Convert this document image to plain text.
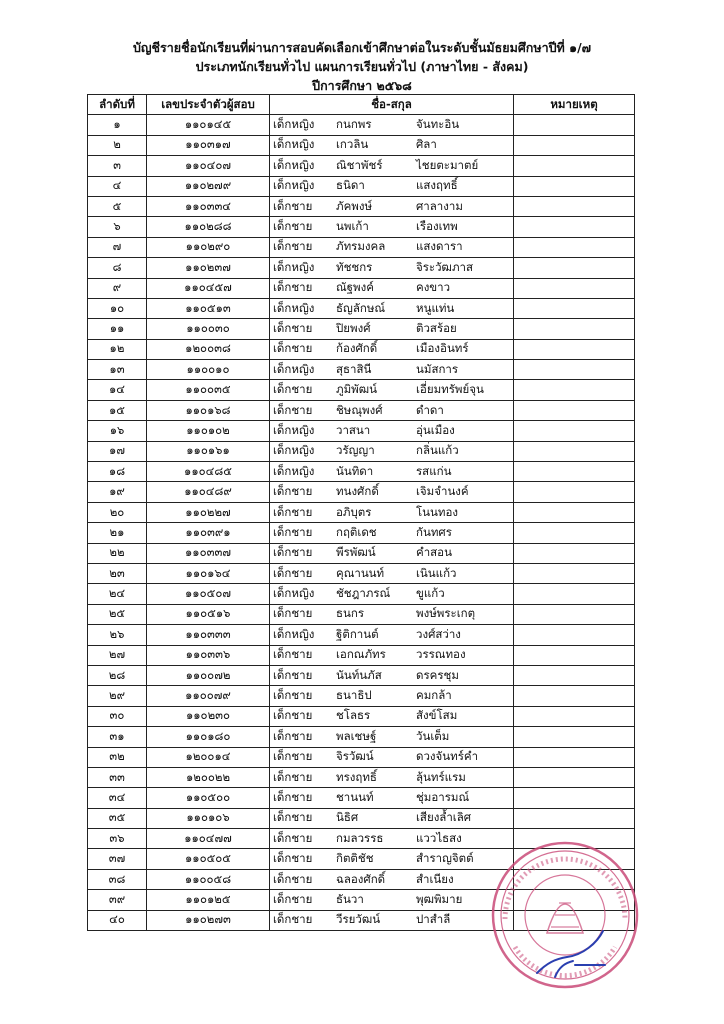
บัญชีรายชื่อนักเรียนที่ผ่านการสอบคัดเลือกเข้าศึกษาต่อในระดับชั้นมัธยมศึกษาปีที่ ๑/๗
ประเภทนักเรียนทั่วไป แผนการเรียนทั่วไป (ภาษาไทย - สังคม)
ปีการศึกษา ๒๕๖๘
ลำดับที่	เลขประจำตัวผู้สอบ	ชื่อ-สกุล	หมายเหตุ
๑	๑๑๐๑๔๕	เด็กหญิง กนกพร จันทะอิน	
๒	๑๑๐๓๑๗	เด็กหญิง เกวลิน ศิลา	
๓	๑๑๐๔๐๗	เด็กหญิง ณิชาพัชร์ ไชยตะมาตย์	
๔	๑๑๐๒๗๙	เด็กหญิง ธนิดา แสงฤทธิ์	
๕	๑๑๐๓๓๔	เด็กชาย ภัคพงษ์ ศาลางาม	
๖	๑๑๐๒๘๘	เด็กชาย นพเก้า เรืองเทพ	
๗	๑๑๐๒๙๐	เด็กชาย ภัทรมงคล แสงดารา	
๘	๑๑๐๒๓๗	เด็กหญิง ทัชชกร จิระวัฒภาส	
๙	๑๑๐๔๕๗	เด็กชาย ณัฐพงค์ คงขาว	
๑๐	๑๑๐๕๑๓	เด็กหญิง ธัญลักษณ์ หนูแท่น	
๑๑	๑๑๐๐๓๐	เด็กชาย ปิยพงศ์ ติวสร้อย	
๑๒	๑๒๐๐๓๘	เด็กชาย ก้องศักดิ์ เมืองอินทร์	
๑๓	๑๑๐๐๑๐	เด็กหญิง สุธาสินี นมัสการ	
๑๔	๑๑๐๐๓๕	เด็กชาย ภูมิพัฒน์ เอี่ยมทรัพย์จุน	
๑๕	๑๑๐๑๖๘	เด็กชาย ชิษณุพงศ์ ดำดา	
๑๖	๑๑๐๑๐๒	เด็กหญิง วาสนา อุ่นเมือง	
๑๗	๑๑๐๑๖๑	เด็กหญิง วรัญญา กลิ่นแก้ว	
๑๘	๑๑๐๔๘๕	เด็กหญิง นันทิดา รสแก่น	
๑๙	๑๑๐๔๘๙	เด็กชาย ทนงศักดิ์ เจิมจำนงค์	
๒๐	๑๑๐๒๒๗	เด็กชาย อภิบุตร โนนทอง	
๒๑	๑๑๐๓๙๑	เด็กชาย กฤติเดช กันทศร	
๒๒	๑๑๐๓๓๗	เด็กชาย พีรพัฒน์ คำสอน	
๒๓	๑๑๐๑๖๔	เด็กชาย คุณานนท์ เนินแก้ว	
๒๔	๑๑๐๕๐๗	เด็กหญิง ชัชฎาภรณ์ ขูแก้ว	
๒๕	๑๑๐๕๑๖	เด็กชาย ธนกร พงษ์พระเกตุ	
๒๖	๑๑๐๓๓๓	เด็กหญิง ฐิติกานต์ วงศ์สว่าง	
๒๗	๑๑๐๓๓๖	เด็กชาย เอกณภัทร วรรณทอง	
๒๘	๑๑๐๐๗๒	เด็กชาย นันท์นภัส ดรครชุม	
๒๙	๑๑๐๐๗๙	เด็กชาย ธนาธิป คมกล้า	
๓๐	๑๑๐๒๓๐	เด็กชาย ชโลธร สังข์โสม	
๓๑	๑๑๐๑๘๐	เด็กชาย พลเชษฐ์ วันเต็ม	
๓๒	๑๒๐๐๑๔	เด็กชาย จิรวัฒน์ ดวงจันทร์คำ	
๓๓	๑๒๐๐๒๒	เด็กชาย ทรงฤทธิ์ ลุ้นทร์แรม	
๓๔	๑๑๐๕๐๐	เด็กชาย ชานนท์ ชุ่มอารมณ์	
๓๕	๑๑๐๑๐๖	เด็กชาย นิธิศ เสียงล้ำเลิศ	
๓๖	๑๑๐๔๗๗	เด็กชาย กมลวรรธ แววไธสง	
๓๗	๑๑๐๕๐๕	เด็กชาย กิตติชัช สำราญจิตต์	
๓๘	๑๑๐๐๕๘	เด็กชาย ฉลองศักดิ์ สำเนียง	
๓๙	๑๑๐๑๒๕	เด็กชาย ธันวา พุฒพิมาย	
๔๐	๑๑๐๒๗๓	เด็กชาย วีรยวัฒน์ ปาสำลี	
